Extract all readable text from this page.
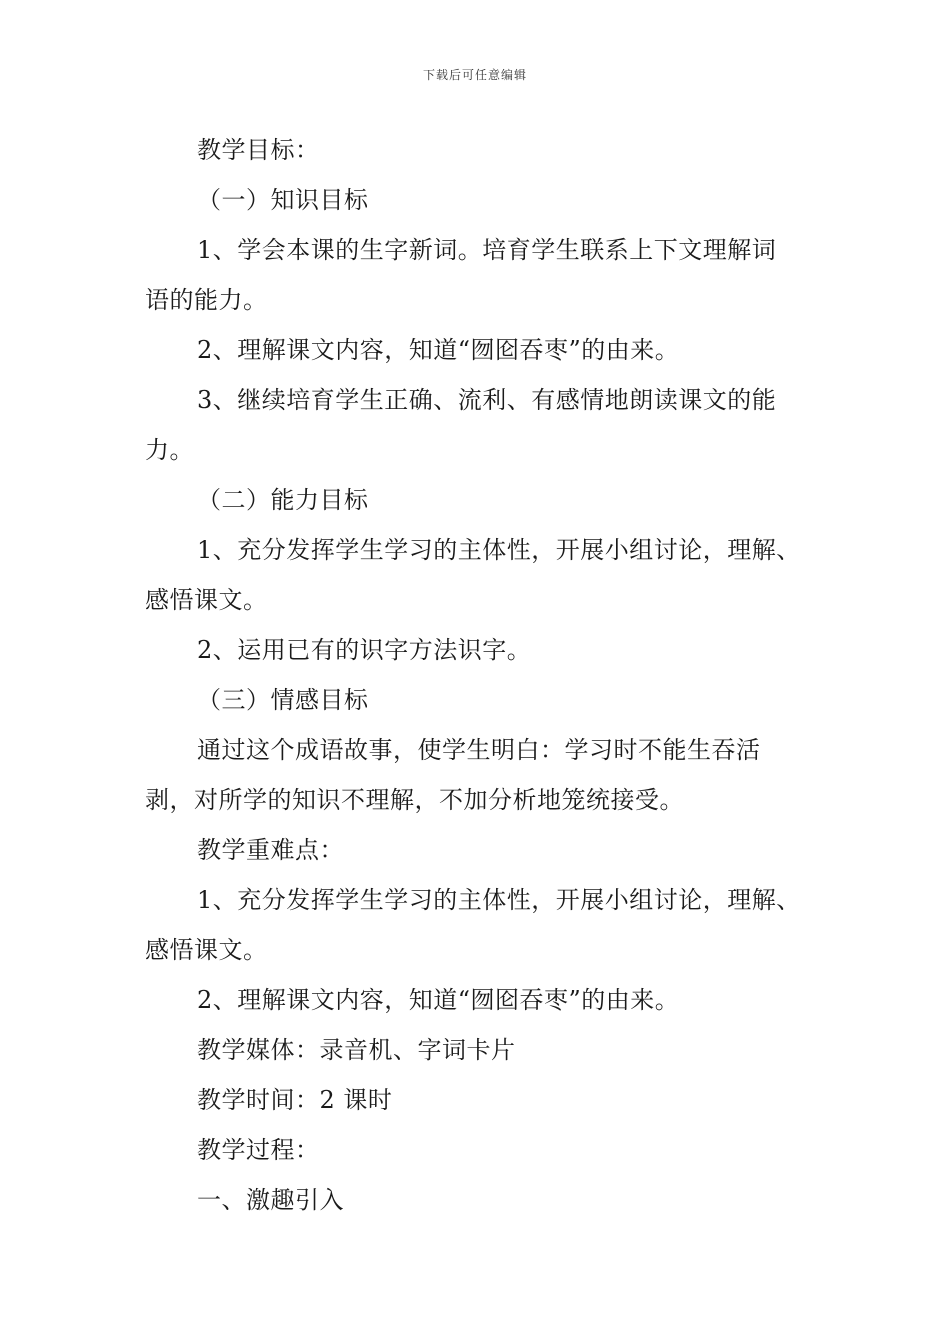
下载后可任意编辑
教学目标：
（一）知识目标
1、学会本课的生字新词。培育学生联系上下文理解词
语的能力。
2、理解课文内容，知道“囫囵吞枣”的由来。
3、继续培育学生正确、流利、有感情地朗读课文的能
力。
（二）能力目标
1、充分发挥学生学习的主体性，开展小组讨论，理解、
感悟课文。
2、运用已有的识字方法识字。
（三）情感目标
通过这个成语故事，使学生明白：学习时不能生吞活
剥，对所学的知识不理解，不加分析地笼统接受。
教学重难点：
1、充分发挥学生学习的主体性，开展小组讨论，理解、
感悟课文。
2、理解课文内容，知道“囫囵吞枣”的由来。
教学媒体：录音机、字词卡片
教学时间：2 课时
教学过程：
一、激趣引入
